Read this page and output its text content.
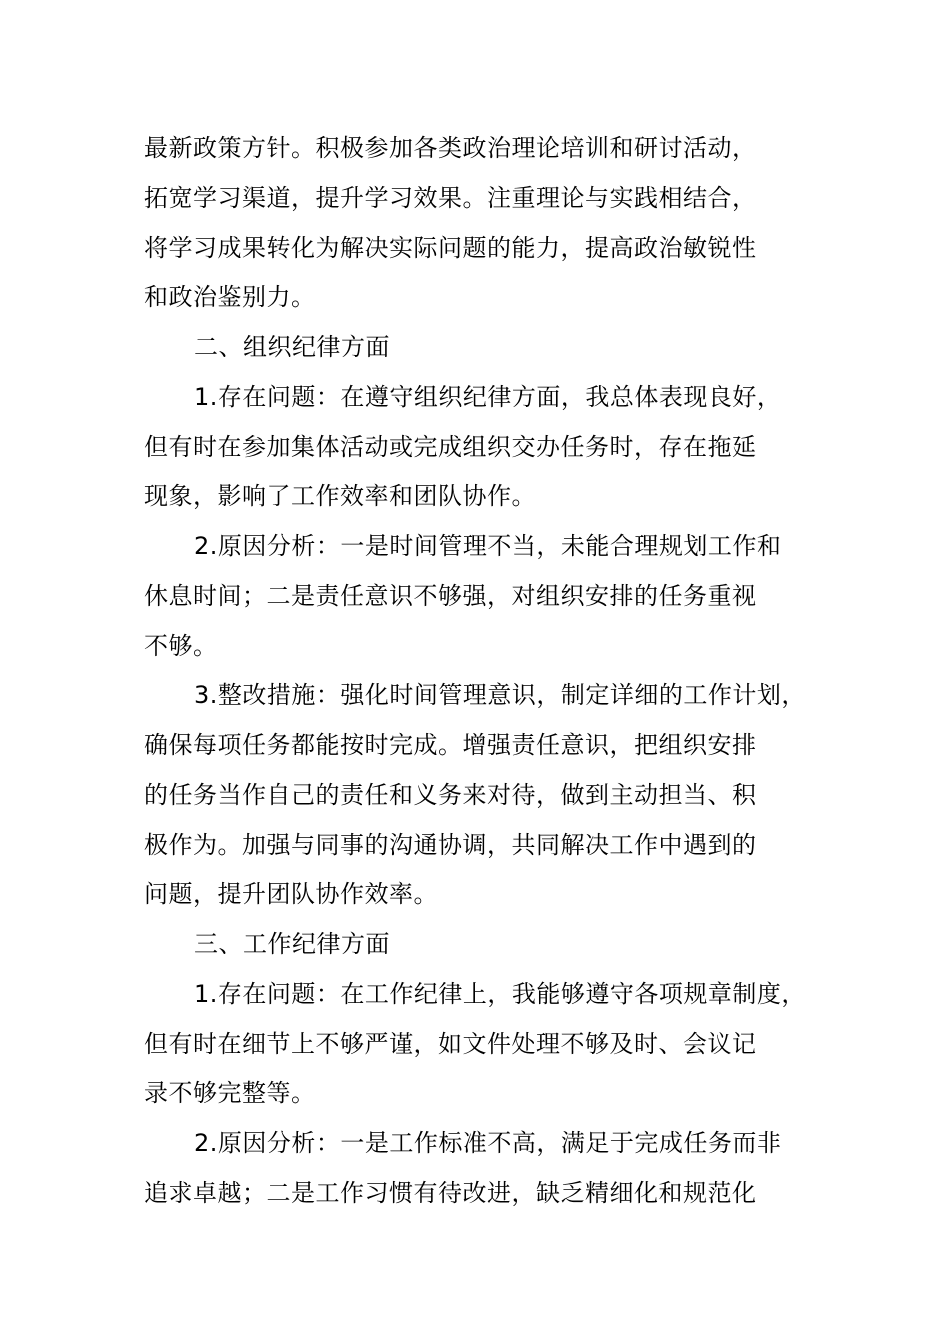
最新政策方针。积极参加各类政治理论培训和研讨活动，
拓宽学习渠道，提升学习效果。注重理论与实践相结合，
将学习成果转化为解决实际问题的能力，提高政治敏锐性
和政治鉴别力。
二、组织纪律方面
1.存在问题：在遵守组织纪律方面，我总体表现良好，
但有时在参加集体活动或完成组织交办任务时，存在拖延
现象，影响了工作效率和团队协作。
2.原因分析：一是时间管理不当，未能合理规划工作和
休息时间；二是责任意识不够强，对组织安排的任务重视
不够。
3.整改措施：强化时间管理意识，制定详细的工作计划，
确保每项任务都能按时完成。增强责任意识，把组织安排
的任务当作自己的责任和义务来对待，做到主动担当、积
极作为。加强与同事的沟通协调，共同解决工作中遇到的
问题，提升团队协作效率。
三、工作纪律方面
1.存在问题：在工作纪律上，我能够遵守各项规章制度，
但有时在细节上不够严谨，如文件处理不够及时、会议记
录不够完整等。
2.原因分析：一是工作标准不高，满足于完成任务而非
追求卓越；二是工作习惯有待改进，缺乏精细化和规范化
